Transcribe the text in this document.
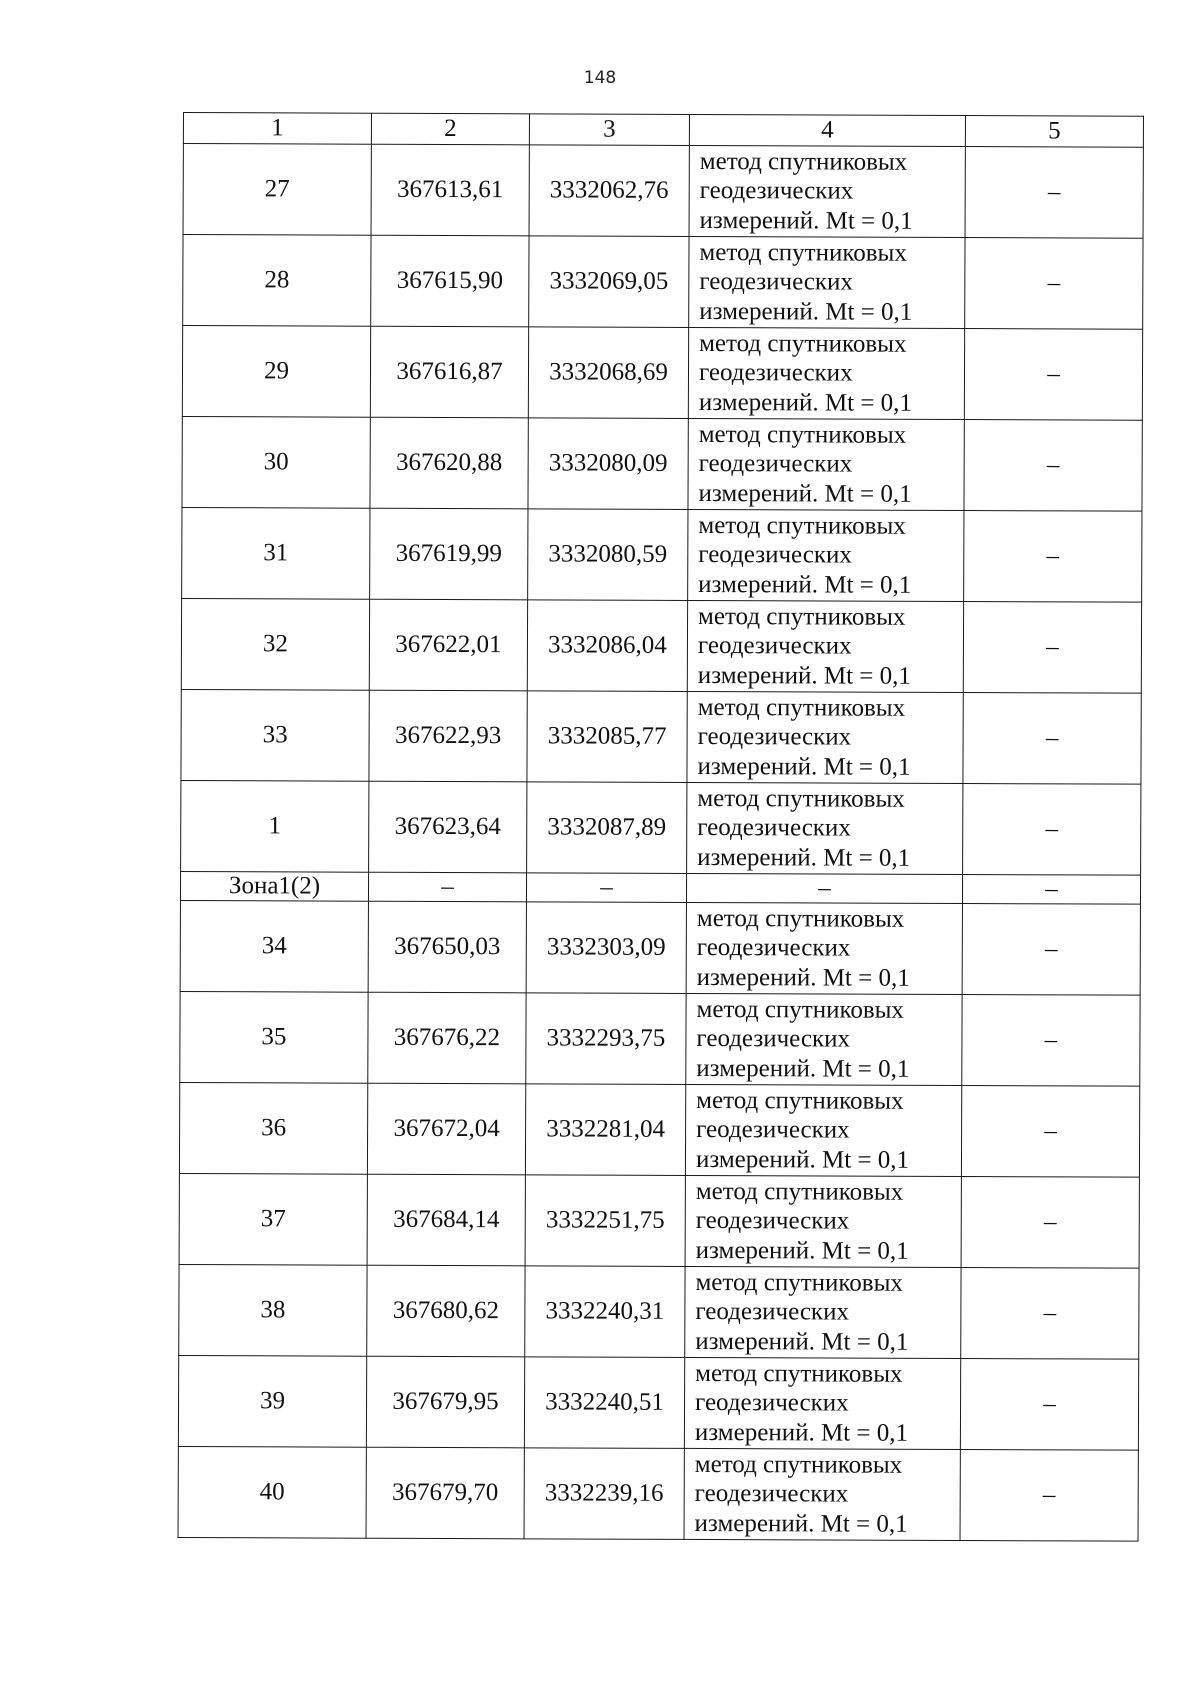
148
1	2	3	4	5
27	367613,61	3332062,76	метод спутниковых
геодезических
измерений. Mt = 0,1	–
28	367615,90	3332069,05	метод спутниковых
геодезических
измерений. Mt = 0,1	–
29	367616,87	3332068,69	метод спутниковых
геодезических
измерений. Mt = 0,1	–
30	367620,88	3332080,09	метод спутниковых
геодезических
измерений. Mt = 0,1	–
31	367619,99	3332080,59	метод спутниковых
геодезических
измерений. Mt = 0,1	–
32	367622,01	3332086,04	метод спутниковых
геодезических
измерений. Mt = 0,1	–
33	367622,93	3332085,77	метод спутниковых
геодезических
измерений. Mt = 0,1	–
1	367623,64	3332087,89	метод спутниковых
геодезических
измерений. Mt = 0,1	–
Зона1(2)	–	–	–	–
34	367650,03	3332303,09	метод спутниковых
геодезических
измерений. Mt = 0,1	–
35	367676,22	3332293,75	метод спутниковых
геодезических
измерений. Mt = 0,1	–
36	367672,04	3332281,04	метод спутниковых
геодезических
измерений. Mt = 0,1	–
37	367684,14	3332251,75	метод спутниковых
геодезических
измерений. Mt = 0,1	–
38	367680,62	3332240,31	метод спутниковых
геодезических
измерений. Mt = 0,1	–
39	367679,95	3332240,51	метод спутниковых
геодезических
измерений. Mt = 0,1	–
40	367679,70	3332239,16	метод спутниковых
геодезических
измерений. Mt = 0,1	–
